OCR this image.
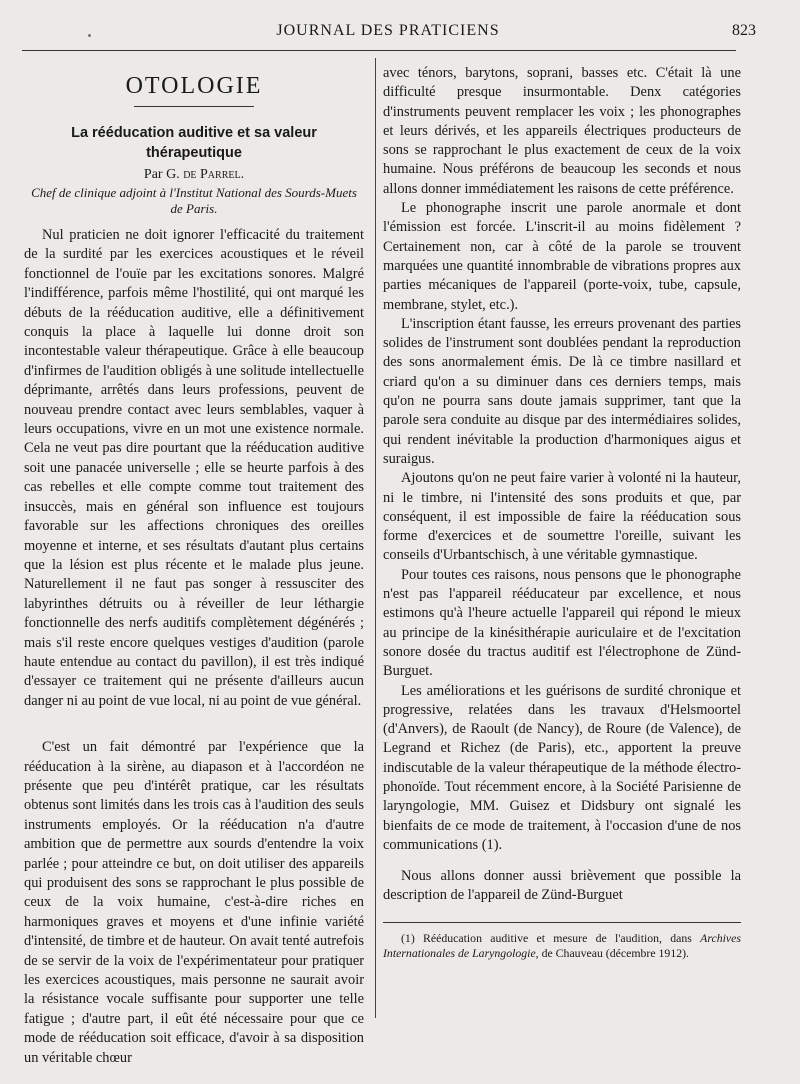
JOURNAL DES PRATICIENS	823
OTOLOGIE
La rééducation auditive et sa valeur thérapeutique
Par G. de Parrel.
Chef de clinique adjoint à l'Institut National des Sourds-Muets
de Paris.

Nul praticien ne doit ignorer l'efficacité du traitement de la surdité par les exercices acoustiques et le réveil fonctionnel de l'ouïe par les excitations sonores. Malgré l'indifférence, parfois même l'hostilité, qui ont marqué les débuts de la rééducation auditive, elle a définitivement conquis la place à laquelle lui donne droit son incontestable valeur thérapeutique. Grâce à elle beaucoup d'infirmes de l'audition obligés à une solitude intellectuelle déprimante, arrêtés dans leurs professions, peuvent de nouveau prendre contact avec leurs semblables, vaquer à leurs occupations, vivre en un mot une existence normale. Cela ne veut pas dire pourtant que la rééducation auditive soit une panacée universelle ; elle se heurte parfois à des cas rebelles et elle compte comme tout traitement des insuccès, mais en général son influence est toujours favorable sur les affections chroniques des oreilles moyenne et interne, et ses résultats d'autant plus certains que la lésion est plus récente et le malade plus jeune. Naturellement il ne faut pas songer à ressusciter des labyrinthes détruits ou à réveiller de leur léthargie fonctionnelle des nerfs auditifs complètement dégénérés ; mais s'il reste encore quelques vestiges d'audition (parole haute entendue au contact du pavillon), il est très indiqué d'essayer ce traitement qui ne présente d'ailleurs aucun danger ni au point de vue local, ni au point de vue général.

C'est un fait démontré par l'expérience que la rééducation à la sirène, au diapason et à l'accordéon ne présente que peu d'intérêt pratique, car les résultats obtenus sont limités dans les trois cas à l'audition des seuls instruments employés. Or la rééducation n'a d'autre ambition que de permettre aux sourds d'entendre la voix parlée ; pour atteindre ce but, on doit utiliser des appareils qui produisent des sons se rapprochant le plus possible de ceux de la voix humaine, c'est-à-dire riches en harmoniques graves et moyens et d'une infinie variété d'intensité, de timbre et de hauteur. On avait tenté autrefois de se servir de la voix de l'expérimentateur pour pratiquer les exercices acoustiques, mais personne ne saurait avoir la résistance vocale suffisante pour supporter une telle fatigue ; d'autre part, il eût été nécessaire pour que ce mode de rééducation soit efficace, d'avoir à sa disposition un véritable chœur

avec ténors, barytons, soprani, basses etc. C'était là une difficulté presque insurmontable. Denx catégories d'instruments peuvent remplacer les voix ; les phonographes et leurs dérivés, et les appareils électriques producteurs de sons se rapprochant le plus exactement de ceux de la voix humaine. Nous préférons de beaucoup les seconds et nous allons donner immédiatement les raisons de cette préférence.

Le phonographe inscrit une parole anormale et dont l'émission est forcée. L'inscrit-il au moins fidèlement ? Certainement non, car à côté de la parole se trouvent marquées une quantité innombrable de vibrations propres aux parties mécaniques de l'appareil (porte-voix, tube, capsule, membrane, stylet, etc.).

L'inscription étant fausse, les erreurs provenant des parties solides de l'instrument sont doublées pendant la reproduction des sons anormalement émis. De là ce timbre nasillard et criard qu'on a su diminuer dans ces derniers temps, mais qu'on ne pourra sans doute jamais supprimer, tant que la parole sera conduite au disque par des intermédiaires solides, qui rendent inévitable la production d'harmoniques aigus et suraigus.

Ajoutons qu'on ne peut faire varier à volonté ni la hauteur, ni le timbre, ni l'intensité des sons produits et que, par conséquent, il est impossible de faire la rééducation sous forme d'exercices et de soumettre l'oreille, suivant les conseils d'Urbantschisch, à une véritable gymnastique.

Pour toutes ces raisons, nous pensons que le phonographe n'est pas l'appareil rééducateur par excellence, et nous estimons qu'à l'heure actuelle l'appareil qui répond le mieux au principe de la kinésithérapie auriculaire et de l'excitation sonore dosée du tractus auditif est l'électrophone de Zünd-Burguet.

Les améliorations et les guérisons de surdité chronique et progressive, relatées dans les travaux d'Helsmoortel (d'Anvers), de Raoult (de Nancy), de Roure (de Valence), de Legrand et Richez (de Paris), etc., apportent la preuve indiscutable de la valeur thérapeutique de la méthode électro-phonoïde. Tout récemment encore, à la Société Parisienne de laryngologie, MM. Guisez et Didsbury ont signalé les bienfaits de ce mode de traitement, à l'occasion d'une de nos communications (1).

Nous allons donner aussi brièvement que possible la description de l'appareil de Zünd-Burguet

(1) Rééducation auditive et mesure de l'audition, dans Archives Internationales de Laryngologie, de Chauveau (décembre 1912).
